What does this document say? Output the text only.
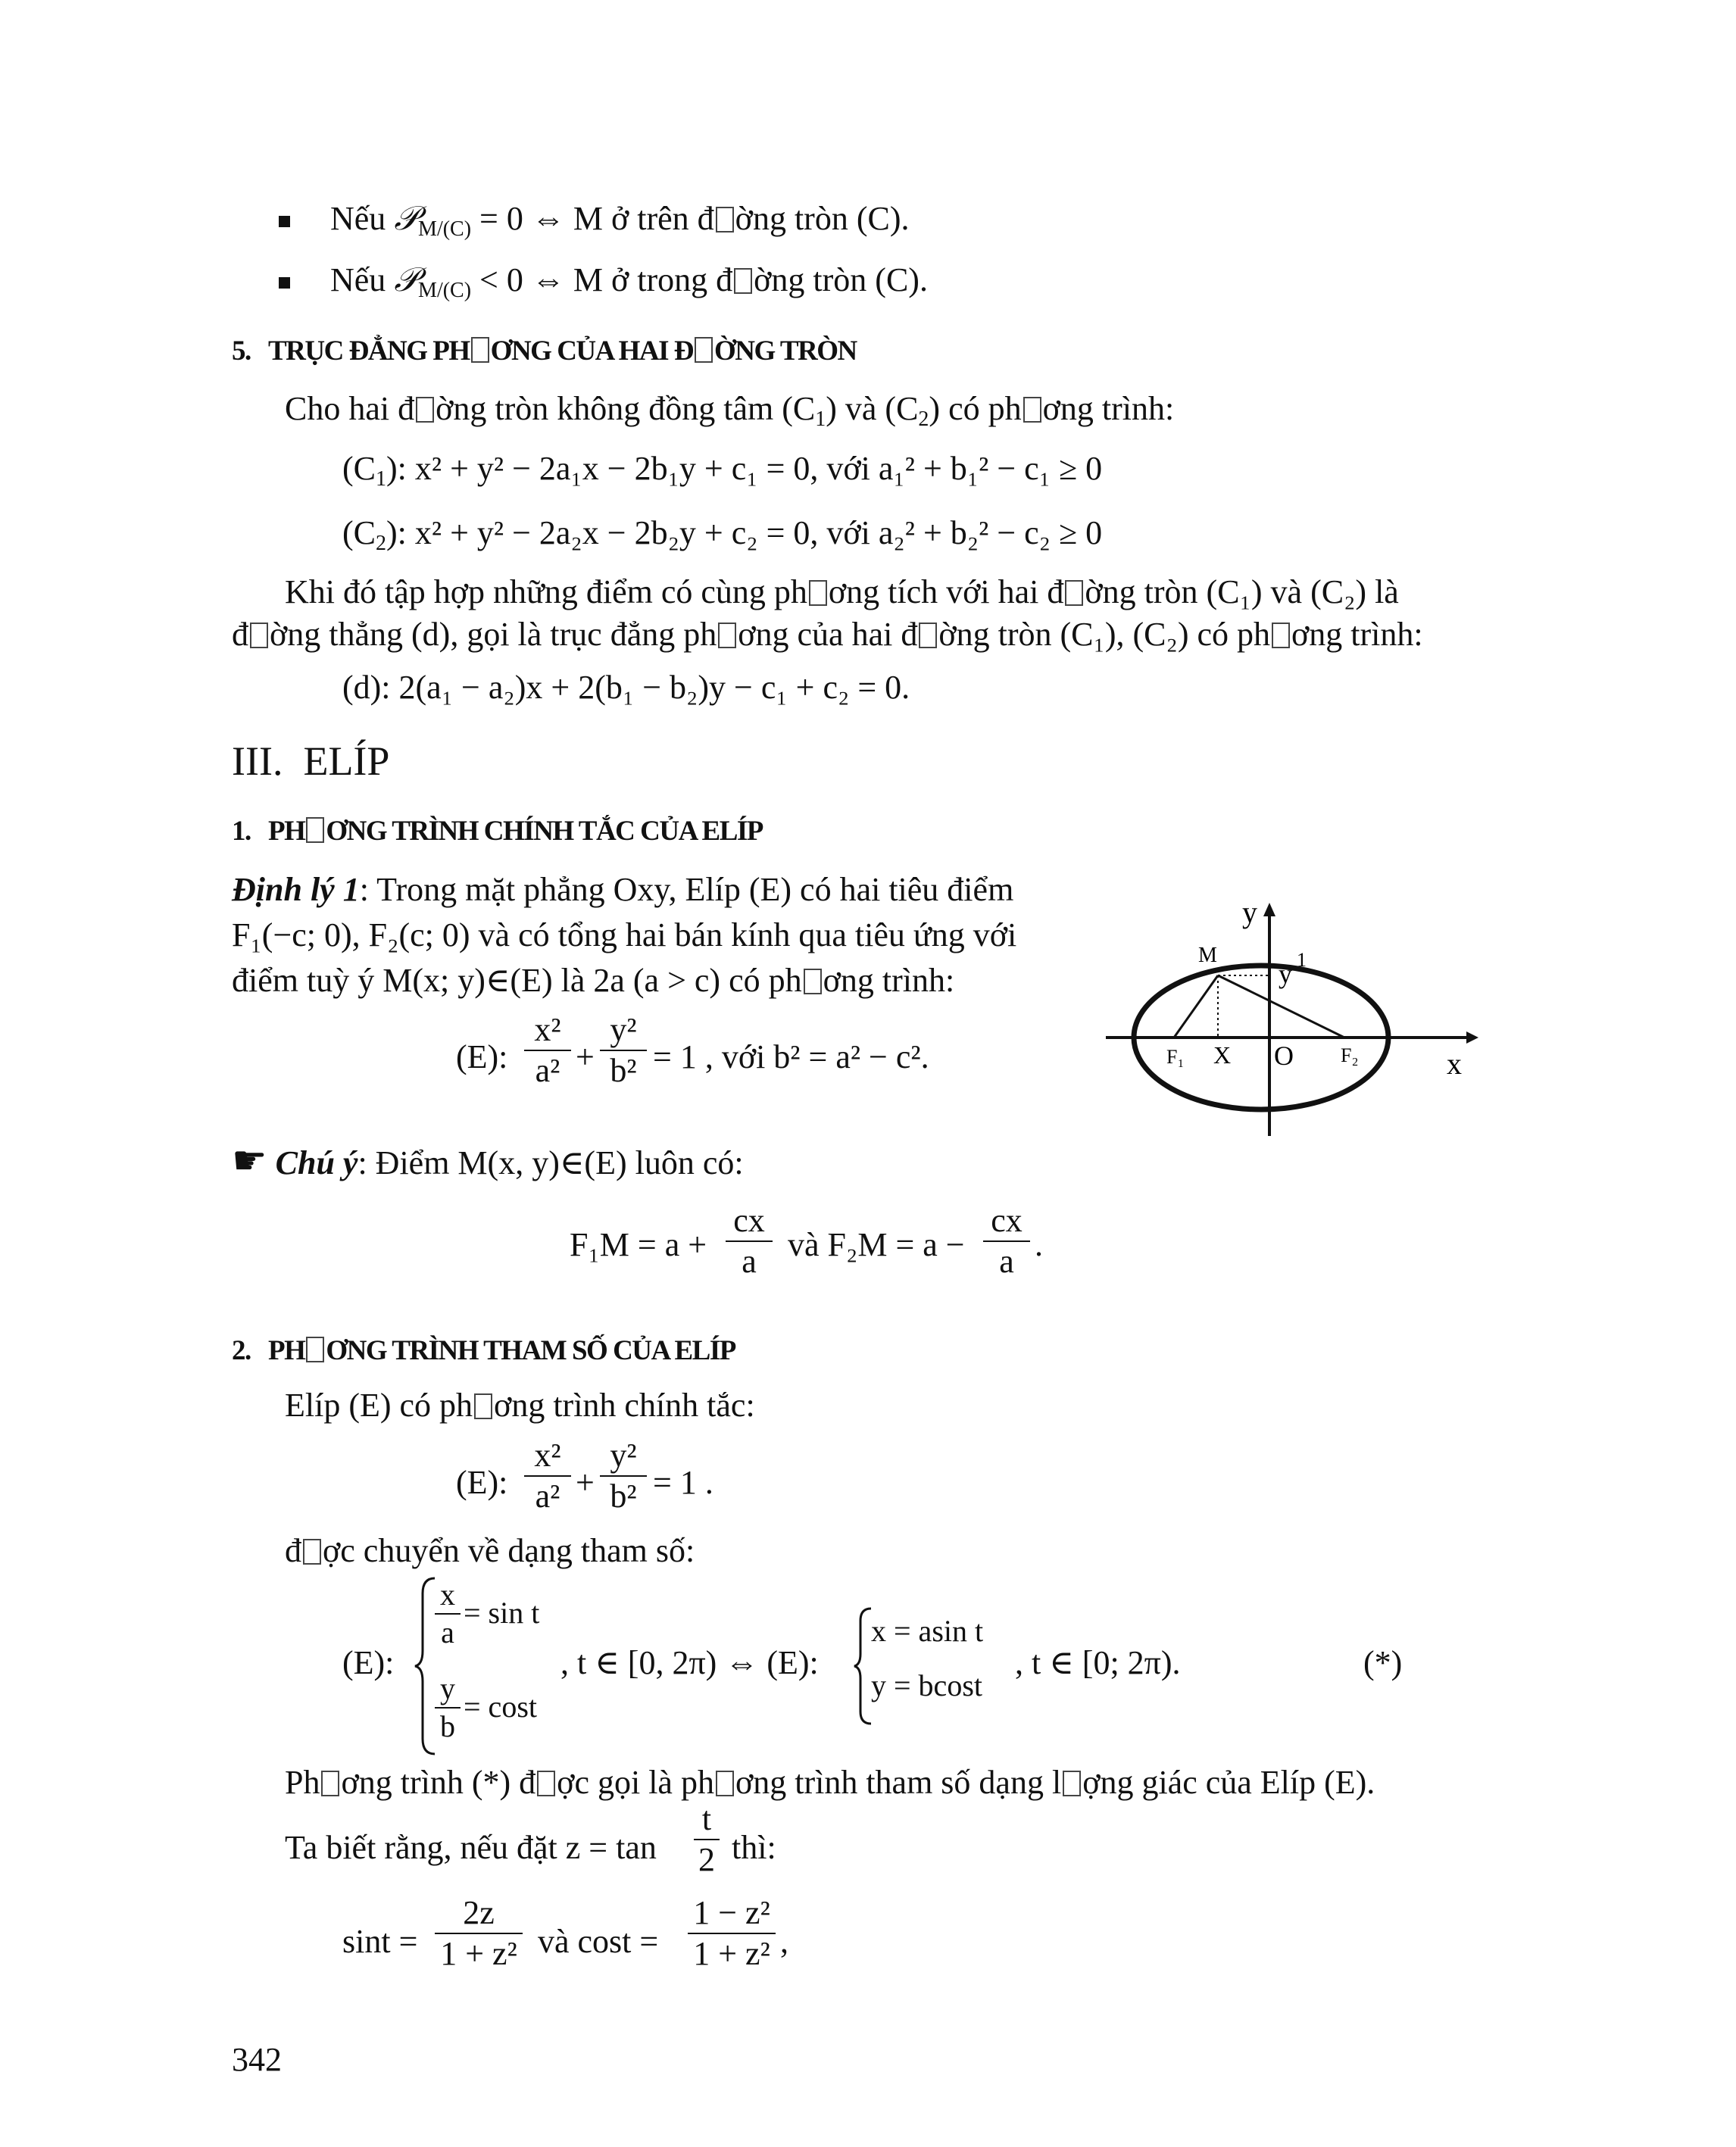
Nếu 𝒫$_{M/(C)}$ = 0 ⇔ M ở trên đ ờng tròn (C).
Nếu 𝒫$_{M/(C)}$ < 0 ⇔ M ở trong đ ờng tròn (C).
5. TRỤC ĐẲNG PH ƠNG CỦA HAI Đ ỜNG TRÒN
Cho hai đ ờng tròn không đồng tâm $(C_1)$ và $(C_2)$ có ph ơng trình:
$(C_1)$: x² + y² − 2a₁x − 2b₁y + c₁ = 0, với a₁² + b₁² − c₁ ≥ 0
$(C_2)$: x² + y² − 2a₂x − 2b₂y + c₂ = 0, với a₂² + b₂² − c₂ ≥ 0
Khi đó tập hợp những điểm có cùng ph ơng tích với hai đ ờng tròn (C₁) và (C₂) là
đ ờng thẳng (d), gọi là trục đẳng ph ơng của hai đ ờng tròn (C₁), (C₂) có ph ơng trình:
(d): 2(a₁ − a₂)x + 2(b₁ − b₂)y − c₁ + c₂ = 0.
III. ELÍP
1. PH ƠNG TRÌNH CHÍNH TẮC CỦA ELÍP
Định lý 1: Trong mặt phẳng Oxy, Elíp (E) có hai tiêu điểm
F₁(−c; 0), F₂(c; 0) và có tổng hai bán kính qua tiêu ứng với
điểm tuỳ ý M(x; y)∈(E) là 2a (a > c) có ph ơng trình:
(E):
x²
a² +
y²
b² = 1 , với b² = a² − c².
y
x
M
y 1
F₁ X O F₂
☛ Chú ý: Điểm M(x, y)∈(E) luôn có:
F₁M = a +
cx
a và F₂M = a −
cx
a .
2. PH ƠNG TRÌNH THAM SỐ CỦA ELÍP
Elíp (E) có ph ơng trình chính tắc:
(E):
x²
a² +
y²
b² = 1 .
đ ợc chuyển về dạng tham số:
(E):
x
a
= sin t
y
b
= cost
, t ∈ [0, 2π) ⇔ (E):
x = asin t
y = bcost
, t ∈ [0; 2π).	(*)
Ph ơng trình (*) đ ợc gọi là ph ơng trình tham số dạng l ợng giác của Elíp (E).
Ta biết rằng, nếu đặt z = tan
t
2 thì:
sint =
2z
1 + z² và cost =
1 − z²
1 + z² ,
342
